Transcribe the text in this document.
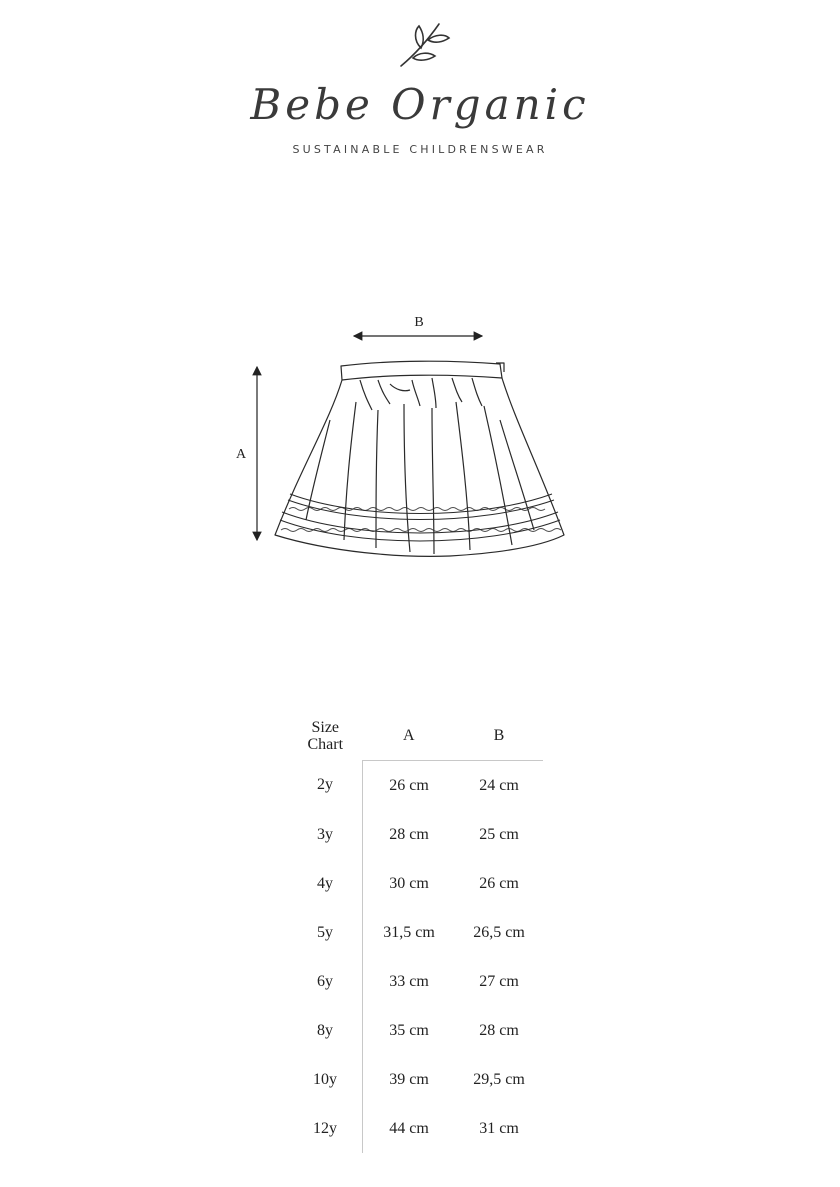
Bebe Organic
SUSTAINABLE CHILDRENSWEAR
B
A
Size
Chart	A	B
2y	26 cm	24 cm
3y	28 cm	25 cm
4y	30 cm	26 cm
5y	31,5 cm	26,5 cm
6y	33 cm	27 cm
8y	35 cm	28 cm
10y	39 cm	29,5 cm
12y	44 cm	31 cm
